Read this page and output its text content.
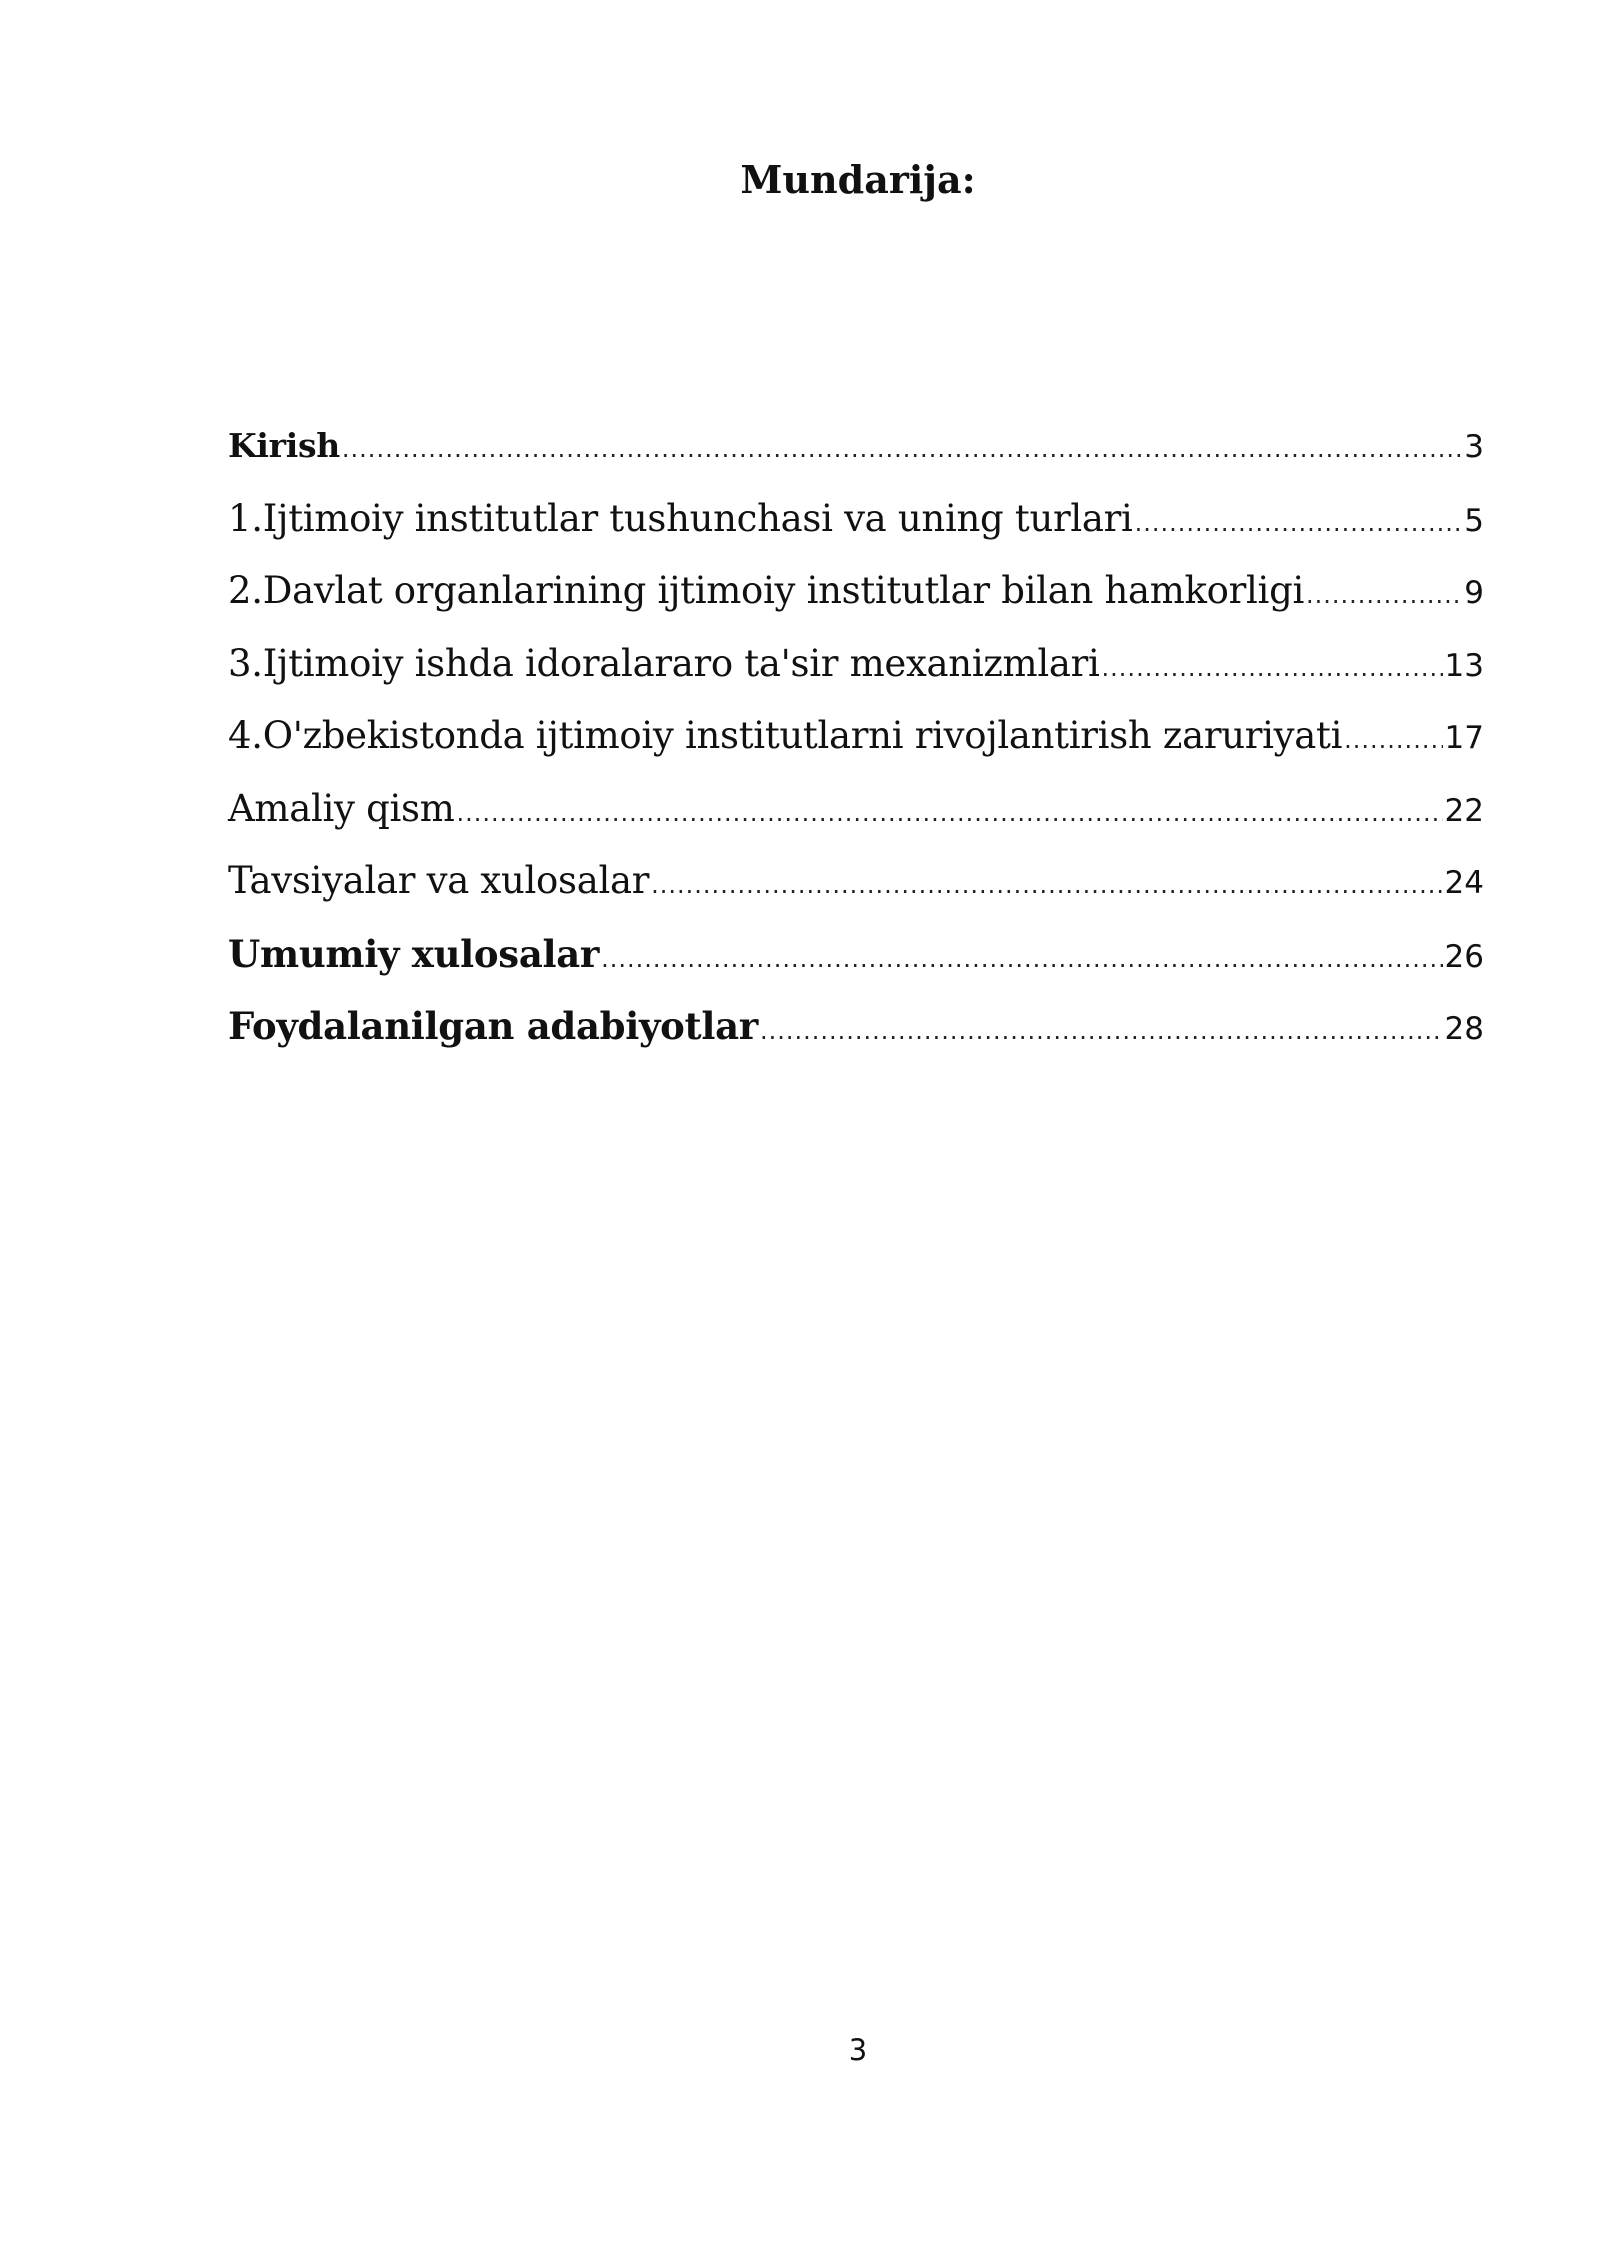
Mundarija:
Kirish .....	3
1.Ijtimoiy institutlar tushunchasi va uning turlari .....	5
2.Davlat organlarining ijtimoiy institutlar bilan hamkorligi .....	9
3.Ijtimoiy ishda idoralararo ta'sir mexanizmlari .....	13
4.O'zbekistonda ijtimoiy institutlarni rivojlantirish zaruriyati .....	17
Amaliy qism .....	22
Tavsiyalar va xulosalar .....	24
Umumiy xulosalar .....	26
Foydalanilgan adabiyotlar .....	28
3
